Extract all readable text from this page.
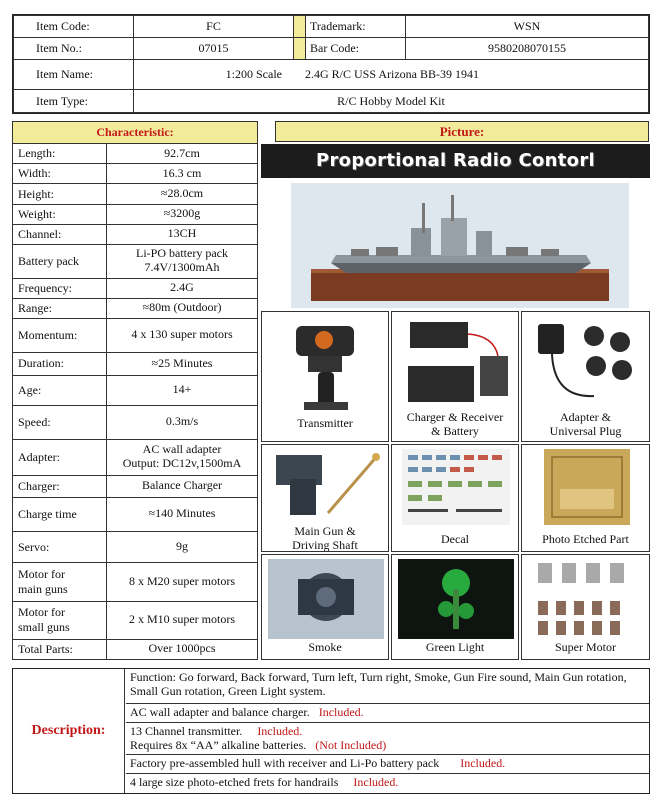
Item Code:	FC		Trademark:	WSN
Item No.:	07015		Bar Code:	9580208070155
Item Name:	1:200 Scale 2.4G R/C USS Arizona BB-39 1941			
Item Type:	R/C Hobby Model Kit			
Characteristic:	
Length:	92.7cm
Width:	16.3 cm
Height:	≈28.0cm
Weight:	≈3200g
Channel:	13CH
Battery pack	Li-PO battery pack
7.4V/1300mAh
Frequency:	2.4G
Range:	≈80m (Outdoor)
Momentum:	4 x 130 super motors
Duration:	≈25 Minutes
Age:	14+
Speed:	0.3m/s
Adapter:	AC wall adapter
Output: DC12v,1500mA
Charger:	Balance Charger
Charge time	≈140 Minutes
Servo:	9g
Motor for
main guns	8 x M20 super motors
Motor for
small guns	2 x M10 super motors
Total Parts:	Over 1000pcs
Picture:
Proportional Radio Contorl
Transmitter	Charger & Receiver
& Battery
Adapter &
Universal Plug
Main Gun &
Driving Shaft	Decal	Photo Etched Part
Smoke	Green Light	Super Motor
Description:
Function: Go forward, Back forward, Turn left, Turn right, Smoke, Gun Fire sound, Main Gun rotation, Small Gun rotation, Green Light system.
AC wall adapter and balance charger. Included.
13 Channel transmitter. Included.
Requires 8x “AA” alkaline batteries. (Not Included)
Factory pre-assembled hull with receiver and Li-Po battery pack Included.
4 large size photo-etched frets for handrails Included.
